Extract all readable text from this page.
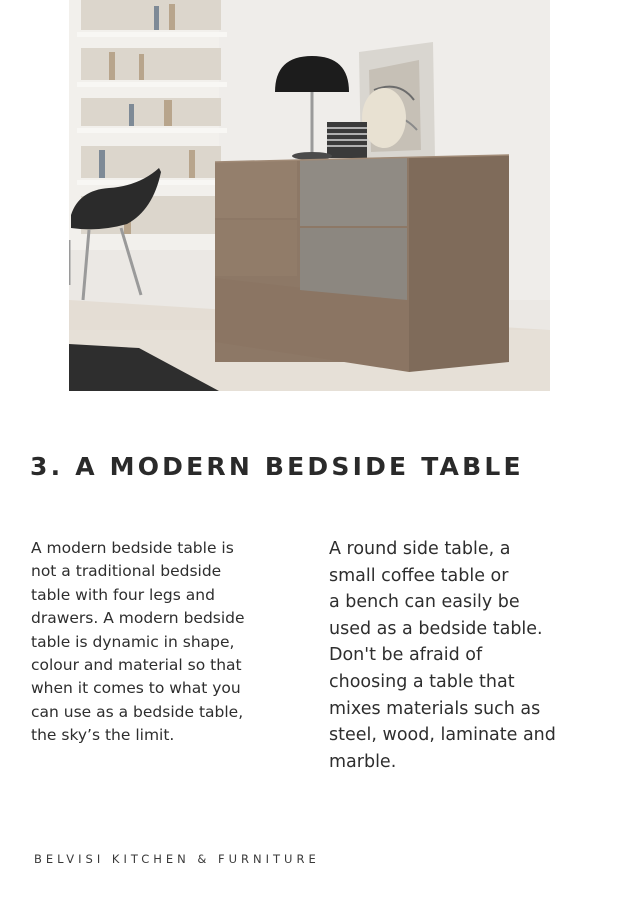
3. A MODERN BEDSIDE TABLE
A modern bedside table is
not a traditional bedside
table with four legs and
drawers. A modern bedside
table is dynamic in shape,
colour and material so that
when it comes to what you
can use as a bedside table,
the sky’s the limit.
A round side table, a
small coffee table or
a bench can easily be
used as a bedside table.
Don't be afraid of
choosing a table that
mixes materials such as
steel, wood, laminate and
marble.
BELVISI KITCHEN & FURNITURE
